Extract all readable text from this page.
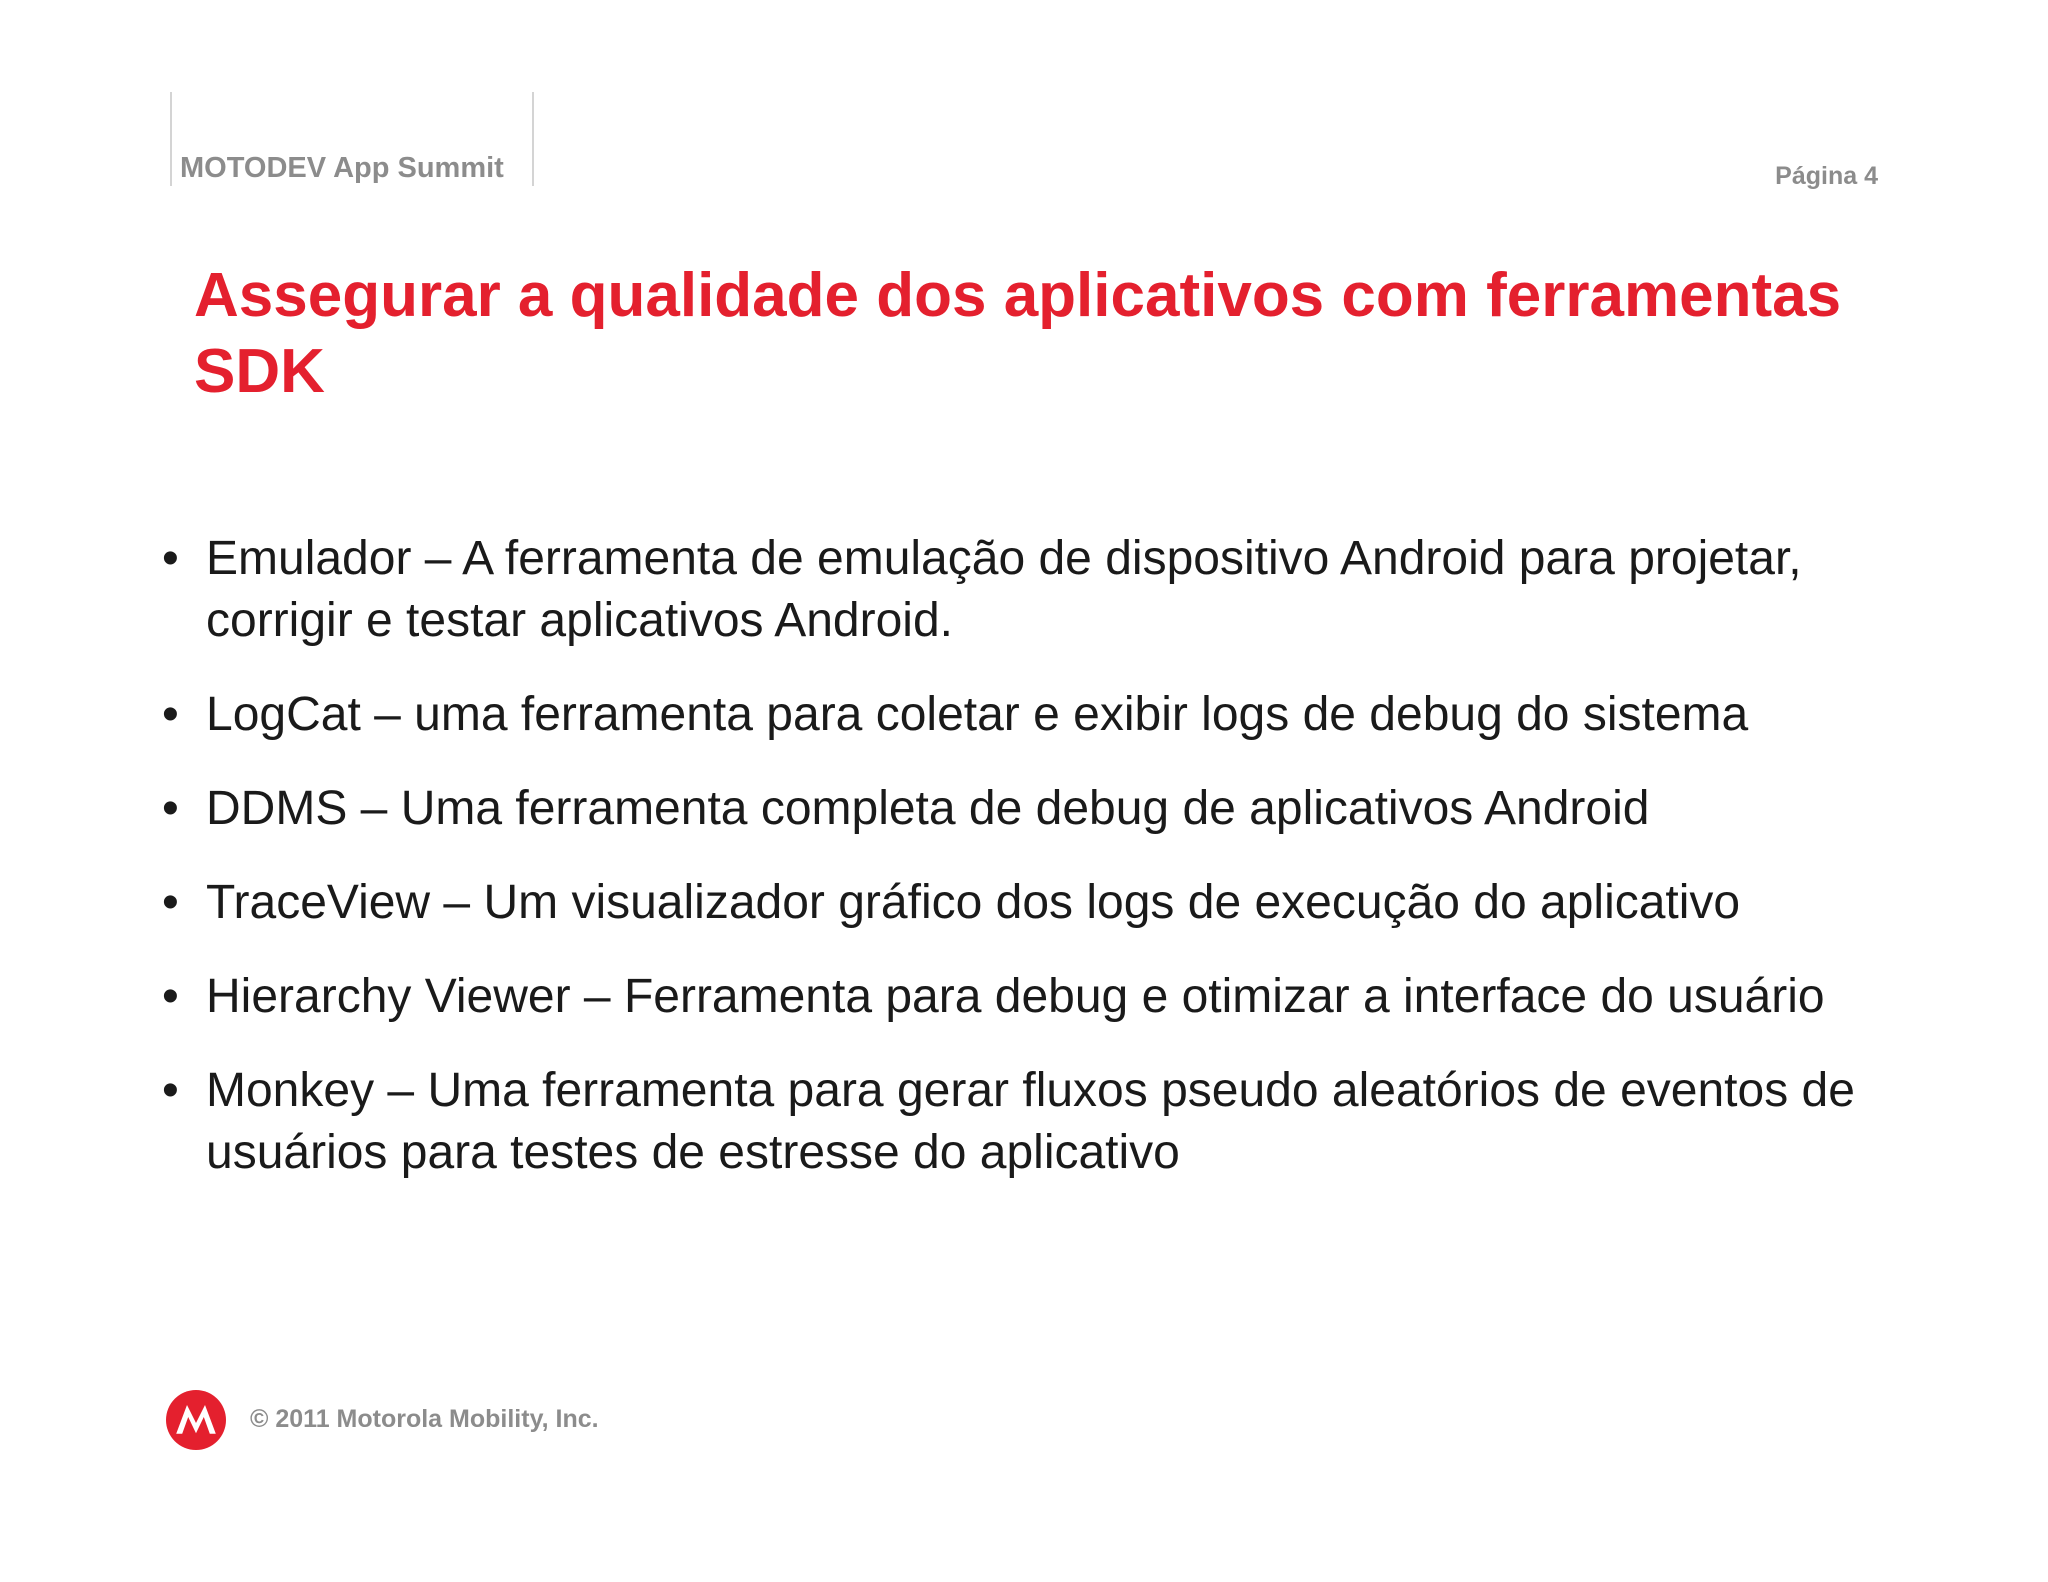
MOTODEV App Summit	Página 4
Assegurar a qualidade dos aplicativos com ferramentas SDK
• Emulador – A ferramenta de emulação de dispositivo Android para projetar, corrigir e testar aplicativos Android.
• LogCat – uma ferramenta para coletar e exibir logs de debug do sistema
• DDMS – Uma ferramenta completa de debug de aplicativos Android
• TraceView – Um visualizador gráfico dos logs de execução do aplicativo
• Hierarchy Viewer – Ferramenta para debug e otimizar a interface do usuário
• Monkey – Uma ferramenta para gerar fluxos pseudo aleatórios de eventos de usuários para testes de estresse do aplicativo
© 2011 Motorola Mobility, Inc.
